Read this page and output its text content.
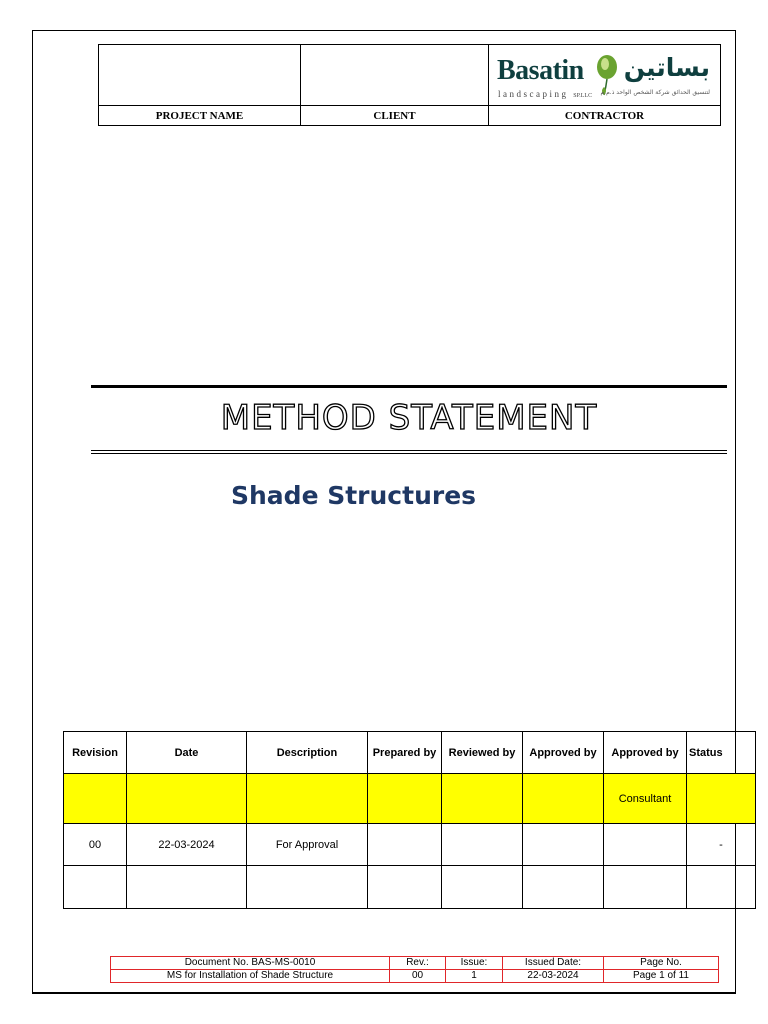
		Basatin
landscaping SP.LLC
بساتين
لتنسيق الحدائق شركة الشخص الواحد ذ.م.م

PROJECT NAME	CLIENT	CONTRACTOR
METHOD STATEMENT
Shade Structures
Revision	Date	Description	Prepared by	Reviewed by	Approved by	Approved by	Status
						Consultant	
00	22-03-2024	For Approval					-

Document No. BAS-MS-0010	Rev.:	Issue:	Issued Date:	Page No.
MS for Installation of Shade Structure	00	1	22-03-2024	Page 1 of 11
